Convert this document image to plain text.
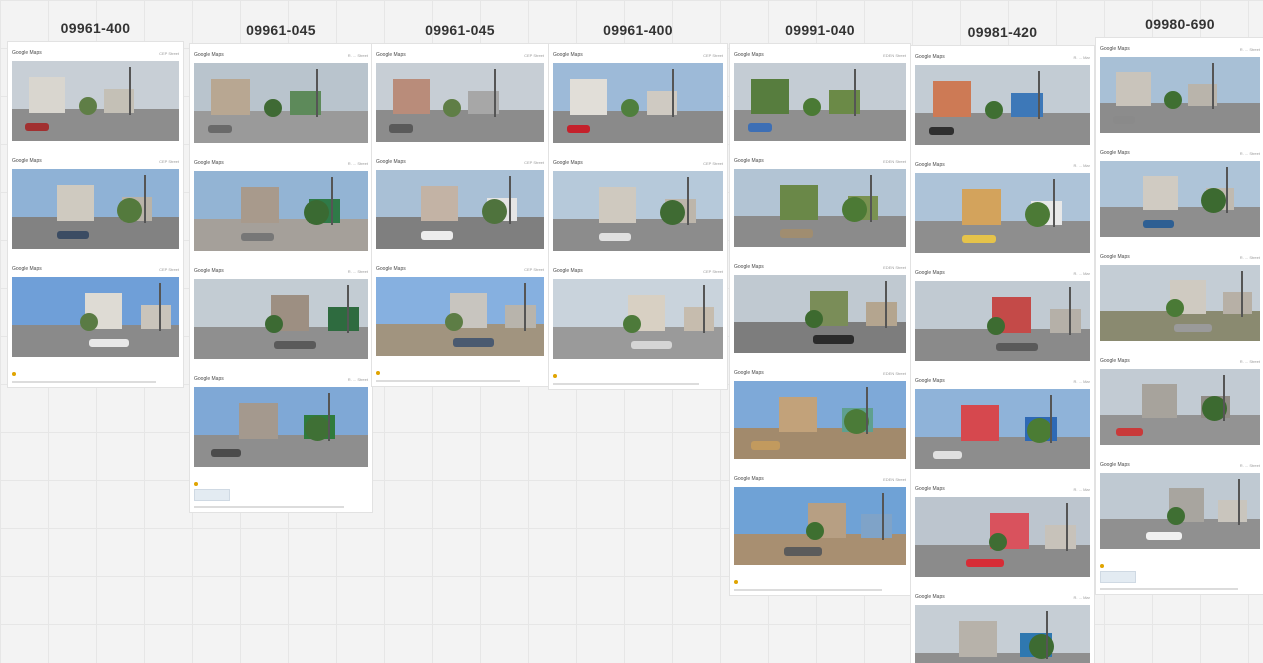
09961-400
Google Maps	CEP Street
Google Maps	CEP Street
Google Maps	CEP Street
09961-045
Google Maps	R. ... Street
Google Maps	R. ... Street
Google Maps	R. ... Street
Google Maps	R. ... Street
09961-045
Google Maps	CEP Street
Google Maps	CEP Street
Google Maps	CEP Street
09961-400
Google Maps	CEP Street
Google Maps	CEP Street
Google Maps	CEP Street
09991-040
Google Maps	EDEN Street
Google Maps	EDEN Street
Google Maps	EDEN Street
Google Maps	EDEN Street
Google Maps	EDEN Street
09981-420
Google Maps	R. ... Mar
Google Maps	R. ... Mar
Google Maps	R. ... Mar
Google Maps	R. ... Mar
Google Maps	R. ... Mar
Google Maps	R. ... Mar
09980-690
Google Maps	R. ... Street
Google Maps	R. ... Street
Google Maps	R. ... Street
Google Maps	R. ... Street
Google Maps	R. ... Street
